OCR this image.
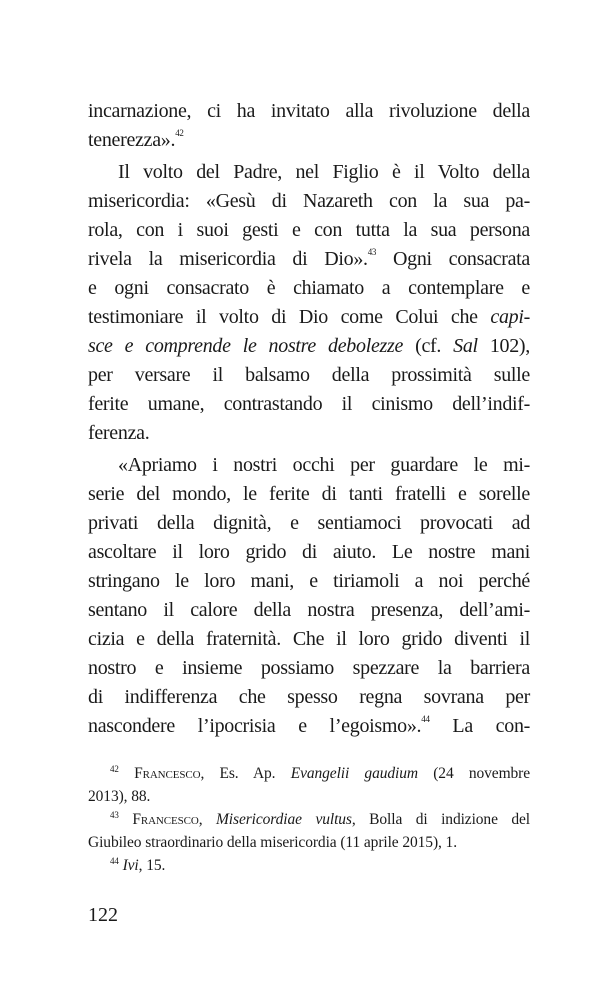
incarnazione, ci ha invitato alla rivoluzione della
tenerezza».$^{42}$
Il volto del Padre, nel Figlio è il Volto della
misericordia: «Gesù di Nazareth con la sua pa-
rola, con i suoi gesti e con tutta la sua persona
rivela la misericordia di Dio».$^{43}$ Ogni consacrata
e ogni consacrato è chiamato a contemplare e
testimoniare il volto di Dio come Colui che capi-
sce e comprende le nostre debolezze (cf. Sal 102),
per versare il balsamo della prossimità sulle
ferite umane, contrastando il cinismo dell’indif-
ferenza.
«Apriamo i nostri occhi per guardare le mi-
serie del mondo, le ferite di tanti fratelli e sorelle
privati della dignità, e sentiamoci provocati ad
ascoltare il loro grido di aiuto. Le nostre mani
stringano le loro mani, e tiriamoli a noi perché
sentano il calore della nostra presenza, dell’ami-
cizia e della fraternità. Che il loro grido diventi il
nostro e insieme possiamo spezzare la barriera
di indifferenza che spesso regna sovrana per
nascondere l’ipocrisia e l’egoismo».$^{44}$ La con-
$^{42}$ Francesco, Es. Ap. Evangelii gaudium (24 novembre
2013), 88.
$^{43}$ Francesco, Misericordiae vultus, Bolla di indizione del
Giubileo straordinario della misericordia (11 aprile 2015), 1.
$^{44}$ Ivi, 15.
122
